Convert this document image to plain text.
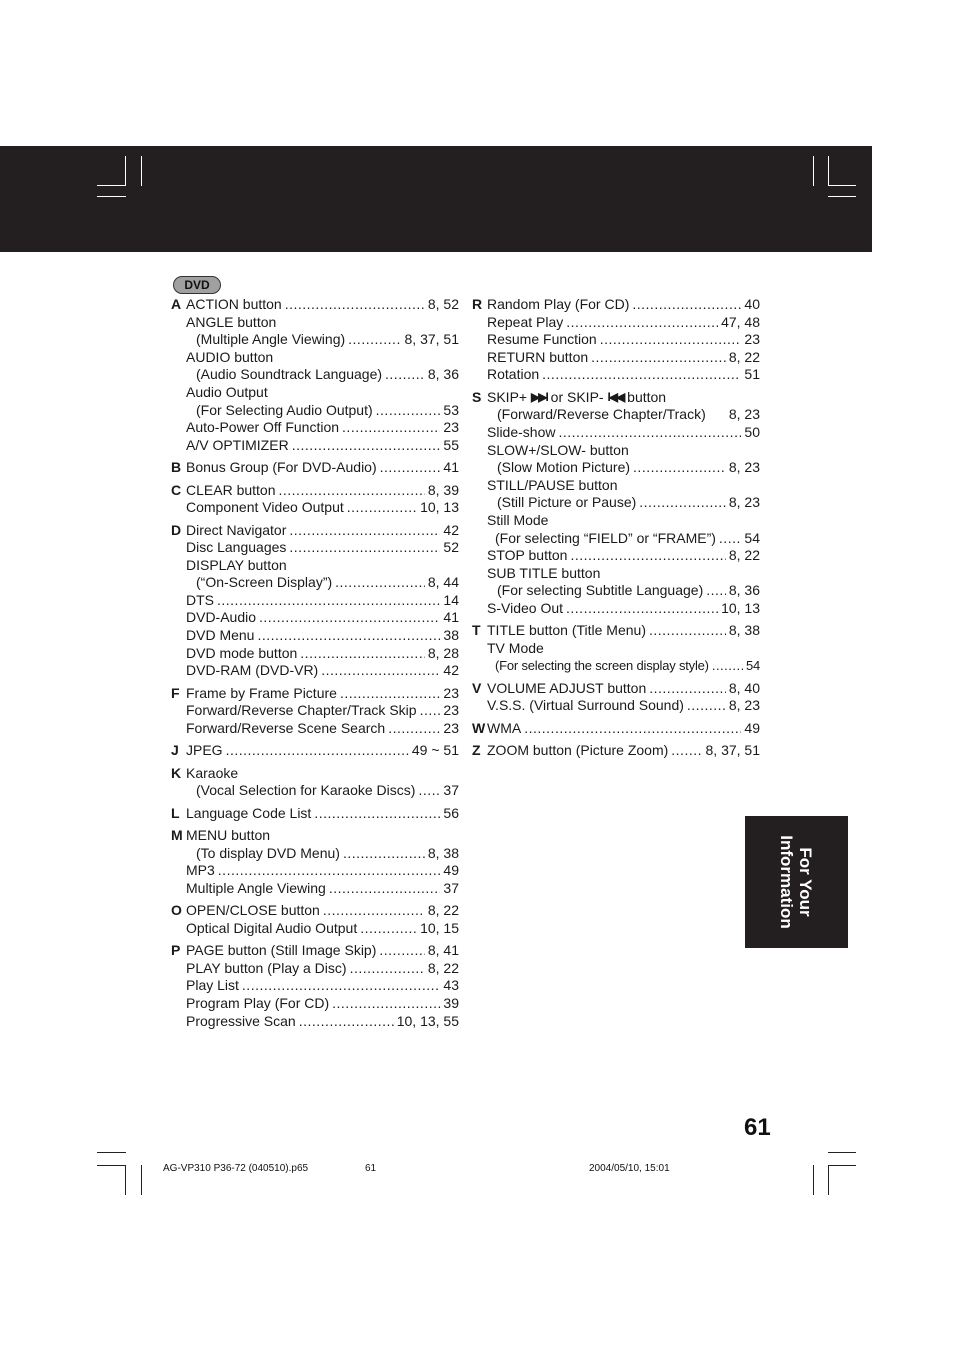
DVD
A ACTION button .....	8, 52
ANGLE button
(Multiple Angle Viewing) .....	8, 37, 51
AUDIO button
(Audio Soundtrack Language) .....	8, 36
Audio Output
(For Selecting Audio Output) .....	53
Auto-Power Off Function .....	23
A/V OPTIMIZER .....	55
B Bonus Group (For DVD-Audio) .....	41
C CLEAR button .....	8, 39
Component Video Output .....	10, 13
D Direct Navigator .....	42
Disc Languages .....	52
DISPLAY button
(“On-Screen Display”) .....	8, 44
DTS .....	14
DVD-Audio .....	41
DVD Menu .....	38
DVD mode button .....	8, 28
DVD-RAM (DVD-VR) .....	42
F Frame by Frame Picture .....	23
Forward/Reverse Chapter/Track Skip ..... 23
Forward/Reverse Scene Search .....	23
J JPEG .....	49 ~ 51
K Karaoke
(Vocal Selection for Karaoke Discs) ..... 37
L Language Code List .....	56
M MENU button
(To display DVD Menu) .....	8, 38
MP3 .....	49
Multiple Angle Viewing .....	37
O OPEN/CLOSE button .....	8, 22
Optical Digital Audio Output .....	10, 15
P PAGE button (Still Image Skip) .....	8, 41
PLAY button (Play a Disc) .....	8, 22
Play List .....	43
Program Play (For CD) .....	39
Progressive Scan .....	10, 13, 55
R Random Play (For CD) .....	40
Repeat Play .....	47, 48
Resume Function .....	23
RETURN button .....	8, 22
Rotation .....	51
S SKIP+
▶▶I
or SKIP-
I◀◀
button
(Forward/Reverse Chapter/Track) 8, 23
Slide-show .....	50
SLOW+/SLOW- button
(Slow Motion Picture) .....	8, 23
STILL/PAUSE button
(Still Picture or Pause) .....	8, 23
Still Mode
(For selecting “FIELD” or “FRAME”) ..... 54
STOP button .....	8, 22
SUB TITLE button
(For selecting Subtitle Language) ..... 8, 36
S-Video Out .....	10, 13
T TITLE button (Title Menu) .....	8, 38
TV Mode
(For selecting the screen display style) .....	54
V VOLUME ADJUST button .....	8, 40
V.S.S. (Virtual Surround Sound) .....	8, 23
W WMA .....	49
Z ZOOM button (Picture Zoom) .....	8, 37, 51
For Your
Information
61
AG-VP310 P36-72 (040510).p65	61	2004/05/10, 15:01
